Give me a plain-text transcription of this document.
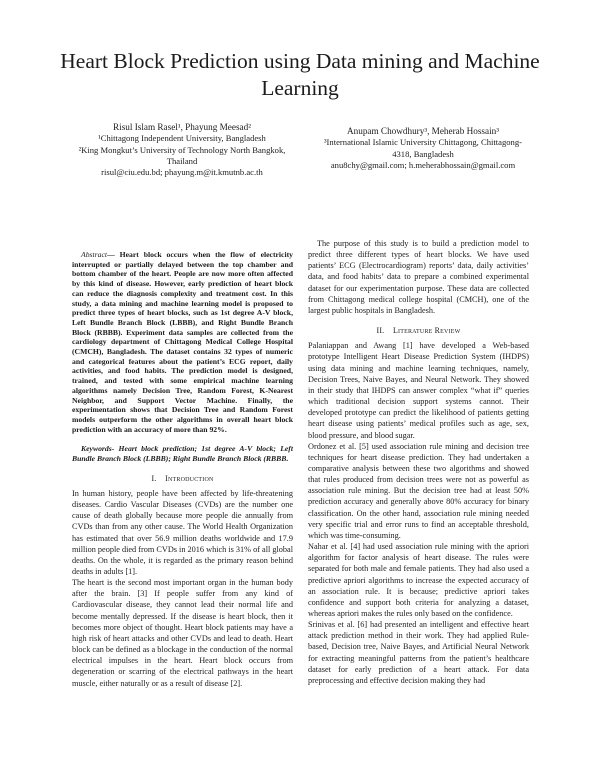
Heart Block Prediction using Data mining and Machine Learning
Risul Islam Rasel¹, Phayung Meesad²
¹Chittagong Independent University, Bangladesh
²King Mongkut’s University of Technology North Bangkok,
Thailand
risul@ciu.edu.bd; phayung.m@it.kmutnb.ac.th
Anupam Chowdhury³, Meherab Hossain³
³International Islamic University Chittagong, Chittagong-
4318, Bangladesh
anu8chy@gmail.com; h.meherabhossain@gmail.com

Abstract— Heart block occurs when the flow of electricity interrupted or partially delayed between the top chamber and bottom chamber of the heart. People are now more often affected by this kind of disease. However, early prediction of heart block can reduce the diagnosis complexity and treatment cost. In this study, a data mining and machine learning model is proposed to predict three types of heart blocks, such as 1st degree A-V block, Left Bundle Branch Block (LBBB), and Right Bundle Branch Block (RBBB). Experiment data samples are collected from the cardiology department of Chittagong Medical College Hospital (CMCH), Bangladesh. The dataset contains 32 types of numeric and categorical features about the patient’s ECG report, daily activities, and food habits. The prediction model is designed, trained, and tested with some empirical machine learning algorithms namely Decision Tree, Random Forest, K-Nearest Neighbor, and Support Vector Machine. Finally, the experimentation shows that Decision Tree and Random Forest models outperform the other algorithms in overall heart block prediction with an accuracy of more than 92%.

Keywords- Heart block prediction; 1st degree A-V block; Left Bundle Branch Block (LBBB); Right Bundle Branch Block (RBBB.

I. Introduction

In human history, people have been affected by life-threatening diseases. Cardio Vascular Diseases (CVDs) are the number one cause of death globally because more people die annually from CVDs than from any other cause. The World Health Organization has estimated that over 56.9 million deaths worldwide and 17.9 million people died from CVDs in 2016 which is 31% of all global deaths. On the whole, it is regarded as the primary reason behind deaths in adults [1].

The heart is the second most important organ in the human body after the brain. [3] If people suffer from any kind of Cardiovascular disease, they cannot lead their normal life and become mentally depressed. If the disease is heart block, then it becomes more object of thought. Heart block patients may have a high risk of heart attacks and other CVDs and lead to death. Heart block can be defined as a blockage in the conduction of the normal electrical impulses in the heart. Heart block occurs from degeneration or scarring of the electrical pathways in the heart muscle, either naturally or as a result of disease [2].

The purpose of this study is to build a prediction model to predict three different types of heart blocks. We have used patients’ ECG (Electrocardiogram) reports’ data, daily activities’ data, and food habits’ data to prepare a combined experimental dataset for our experimentation purpose. These data are collected from Chittagong medical college hospital (CMCH), one of the largest public hospitals in Bangladesh.

II. Literature Review

Palaniappan and Awang [1] have developed a Web-based prototype Intelligent Heart Disease Prediction System (IHDPS) using data mining and machine learning techniques, namely, Decision Trees, Naive Bayes, and Neural Network. They showed in their study that IHDPS can answer complex “what if” queries which traditional decision support systems cannot. Their developed prototype can predict the likelihood of patients getting heart disease using patients’ medical profiles such as age, sex, blood pressure, and blood sugar.

Ordonez et al. [5] used association rule mining and decision tree techniques for heart disease prediction. They had undertaken a comparative analysis between these two algorithms and showed that rules produced from decision trees were not as powerful as association rule mining. But the decision tree had at least 50% prediction accuracy and generally above 80% accuracy for binary classification. On the other hand, association rule mining needed very specific trial and error runs to find an acceptable threshold, which was time-consuming.

Nahar et al. [4] had used association rule mining with the apriori algorithm for factor analysis of heart disease. The rules were separated for both male and female patients. They had also used a predictive apriori algorithms to increase the expected accuracy of an association rule. It is because; predictive apriori takes confidence and support both criteria for analyzing a dataset, whereas apriori makes the rules only based on the confidence.

Srinivas et al. [6] had presented an intelligent and effective heart attack prediction method in their work. They had applied Rule-based, Decision tree, Naive Bayes, and Artificial Neural Network for extracting meaningful patterns from the patient’s healthcare dataset for early prediction of a heart attack. For data preprocessing and effective decision making they had
